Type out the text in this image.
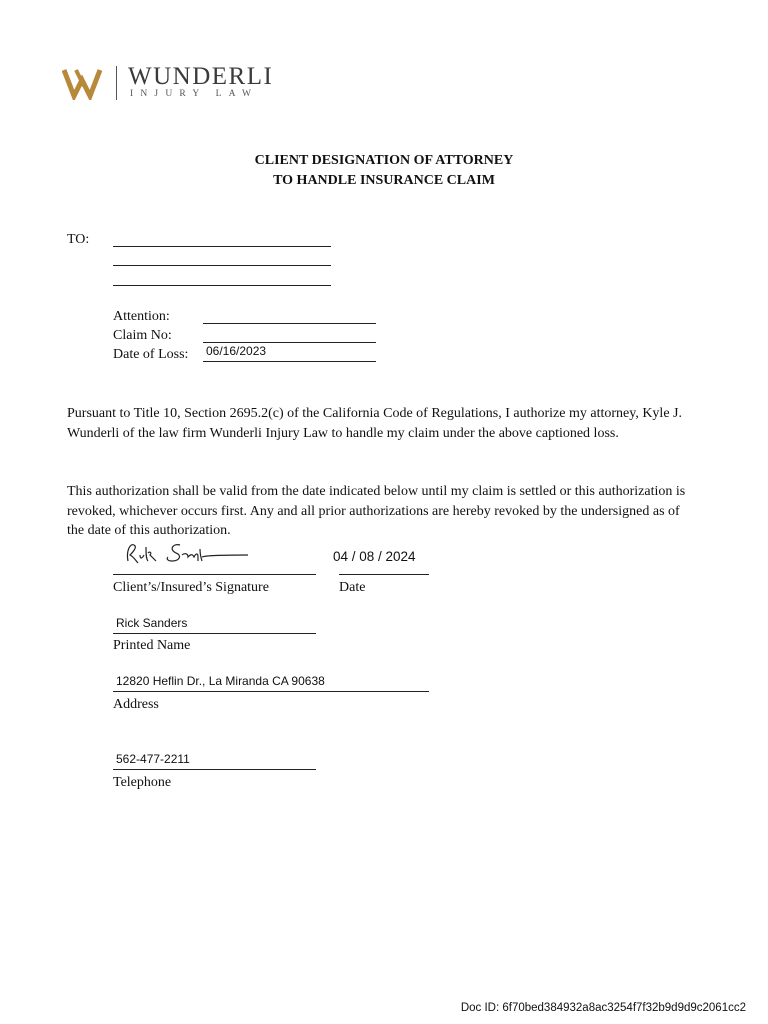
WUNDERLI
INJURY LAW
CLIENT DESIGNATION OF ATTORNEY
TO HANDLE INSURANCE CLAIM
TO:
Attention:
Claim No:
Date of Loss: 06/16/2023
Pursuant to Title 10, Section 2695.2(c) of the California Code of Regulations, I authorize my attorney, Kyle J. Wunderli of the law firm Wunderli Injury Law to handle my claim under the above captioned loss.
This authorization shall be valid from the date indicated below until my claim is settled or this authorization is revoked, whichever occurs first. Any and all prior authorizations are hereby revoked by the undersigned as of the date of this authorization.
Client’s/Insured’s Signature
04 / 08 / 2024
Date
Rick Sanders
Printed Name
12820 Heflin Dr., La Miranda CA 90638
Address
562-477-2211
Telephone
Doc ID: 6f70bed384932a8ac3254f7f32b9d9d9c2061cc2
